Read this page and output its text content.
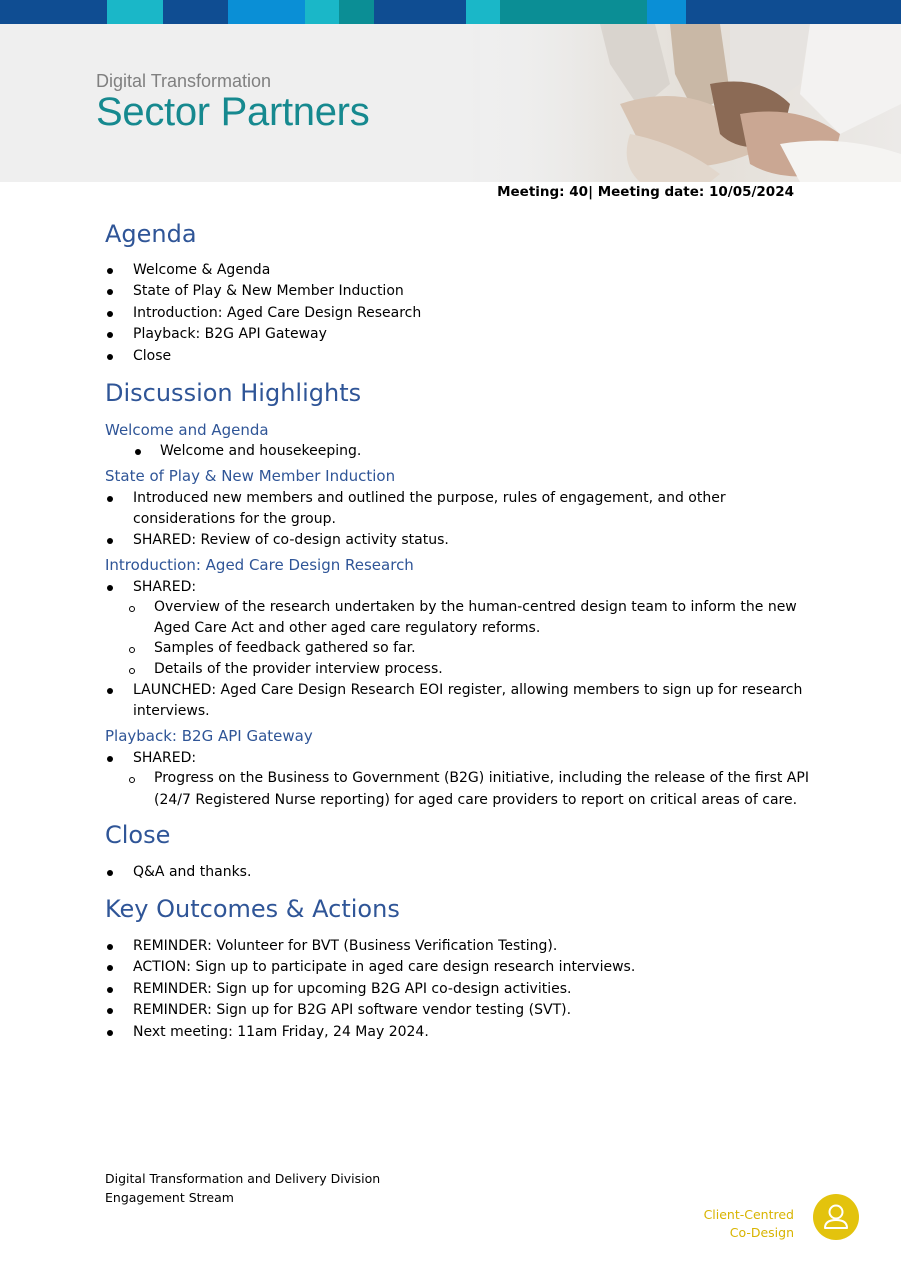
Digital Transformation
Sector Partners
Meeting: 40| Meeting date: 10/05/2024
Agenda
Welcome & Agenda
State of Play & New Member Induction
Introduction: Aged Care Design Research
Playback: B2G API Gateway
Close
Discussion Highlights
Welcome and Agenda
Welcome and housekeeping.
State of Play & New Member Induction
Introduced new members and outlined the purpose, rules of engagement, and other
considerations for the group.
SHARED: Review of co-design activity status.
Introduction: Aged Care Design Research
SHARED:
Overview of the research undertaken by the human-centred design team to inform the new
Aged Care Act and other aged care regulatory reforms.
Samples of feedback gathered so far.
Details of the provider interview process.
LAUNCHED: Aged Care Design Research EOI register, allowing members to sign up for research
interviews.
Playback: B2G API Gateway
SHARED:
Progress on the Business to Government (B2G) initiative, including the release of the first API
(24/7 Registered Nurse reporting) for aged care providers to report on critical areas of care.
Close
Q&A and thanks.
Key Outcomes & Actions
REMINDER: Volunteer for BVT (Business Verification Testing).
ACTION: Sign up to participate in aged care design research interviews.
REMINDER: Sign up for upcoming B2G API co-design activities.
REMINDER: Sign up for B2G API software vendor testing (SVT).
Next meeting: 11am Friday, 24 May 2024.
Digital Transformation and Delivery Division
Engagement Stream
Client-Centred
Co-Design
